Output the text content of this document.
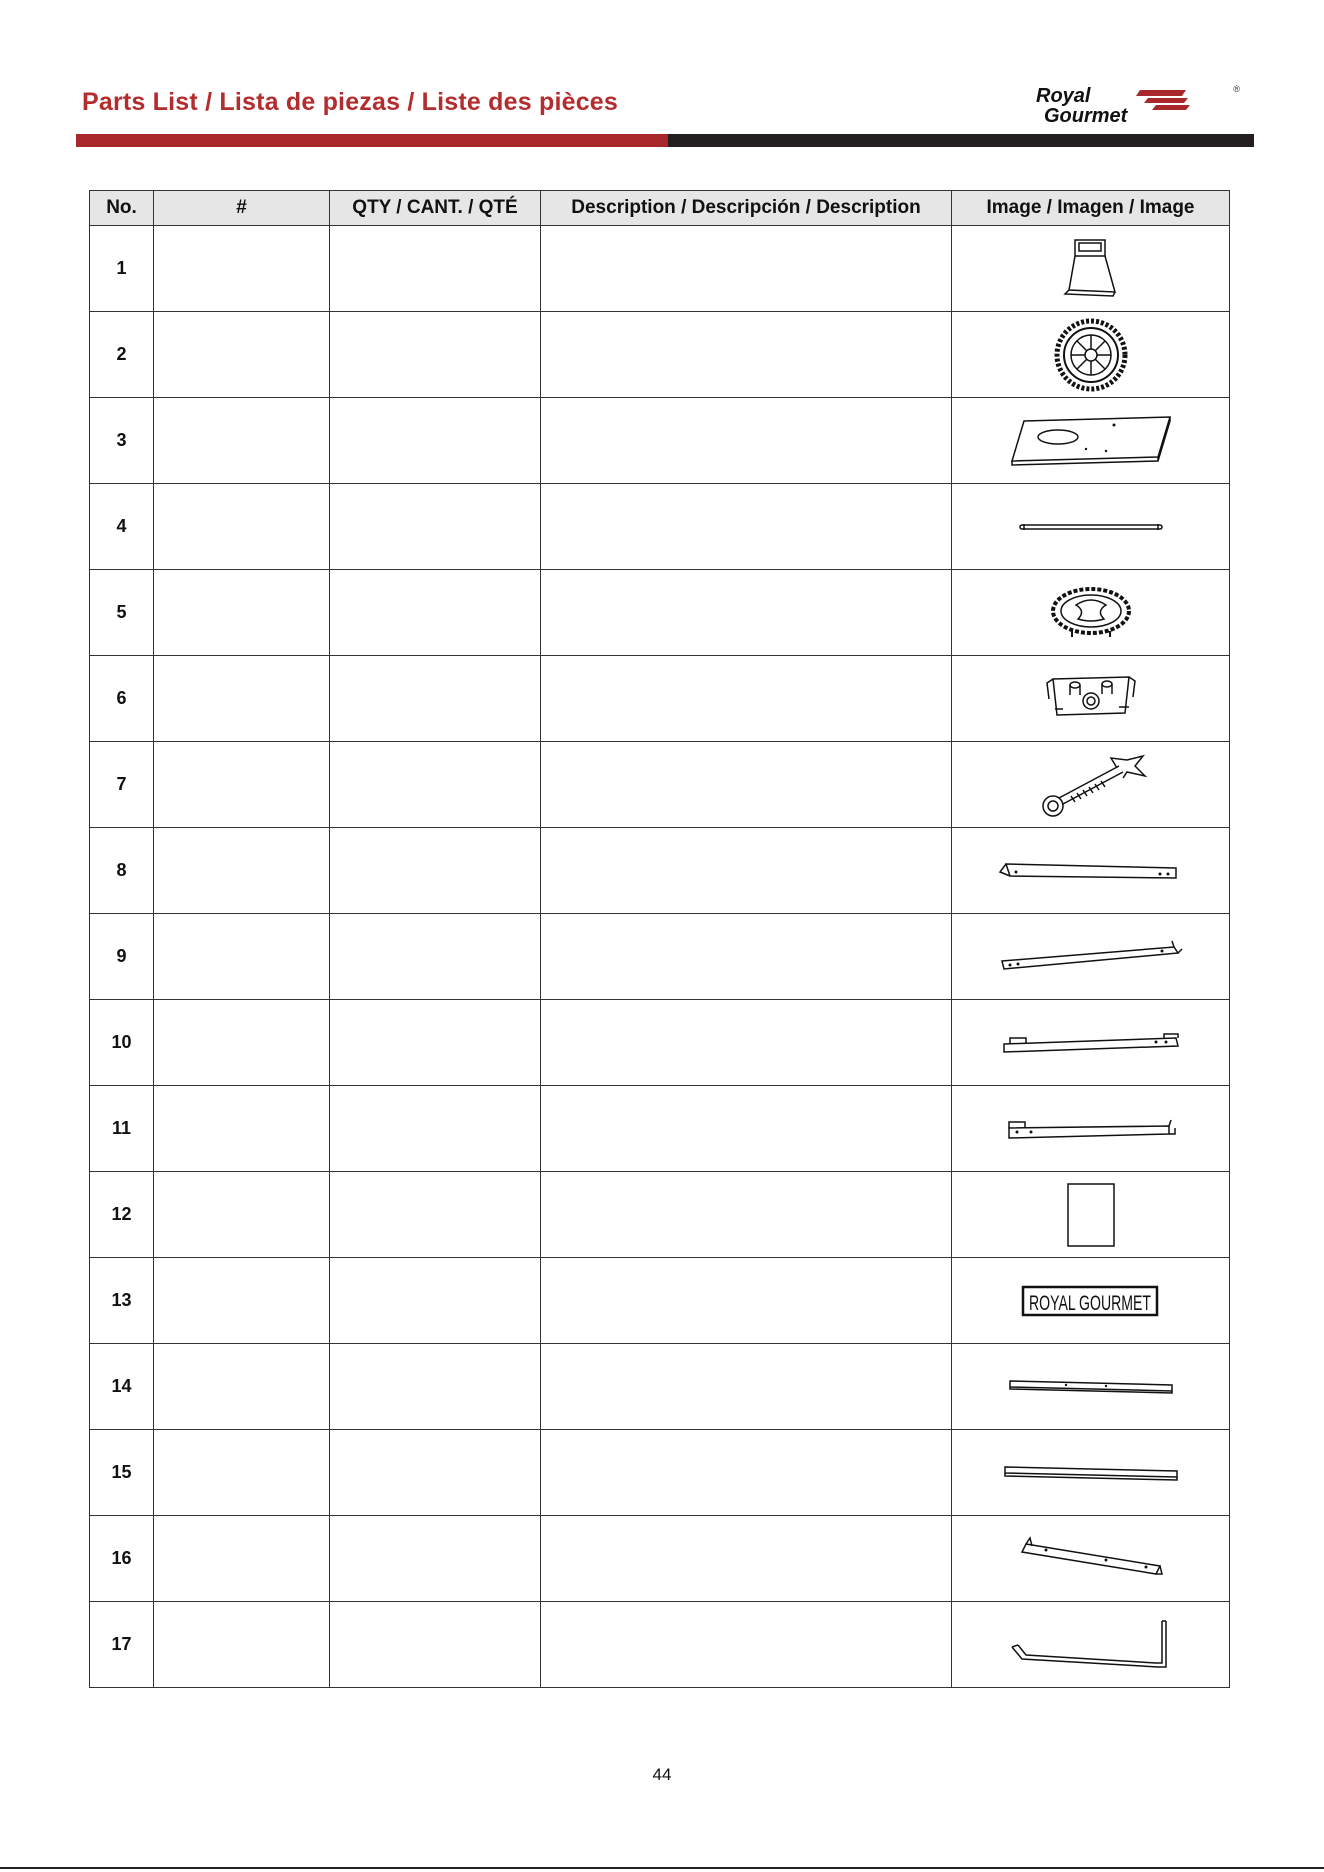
Parts List / Lista de piezas / Liste des pièces	Royal
Gourmet
®
No.	#	QTY / CANT. / QTÉ	Description / Descripción / Description	Image / Imagen / Image
1				

2				

3				

4				

5				

6				

7				

8				

9				

10				

11				

12				

13				ROYAL GOURMET

14				

15				

16				

17				
44
